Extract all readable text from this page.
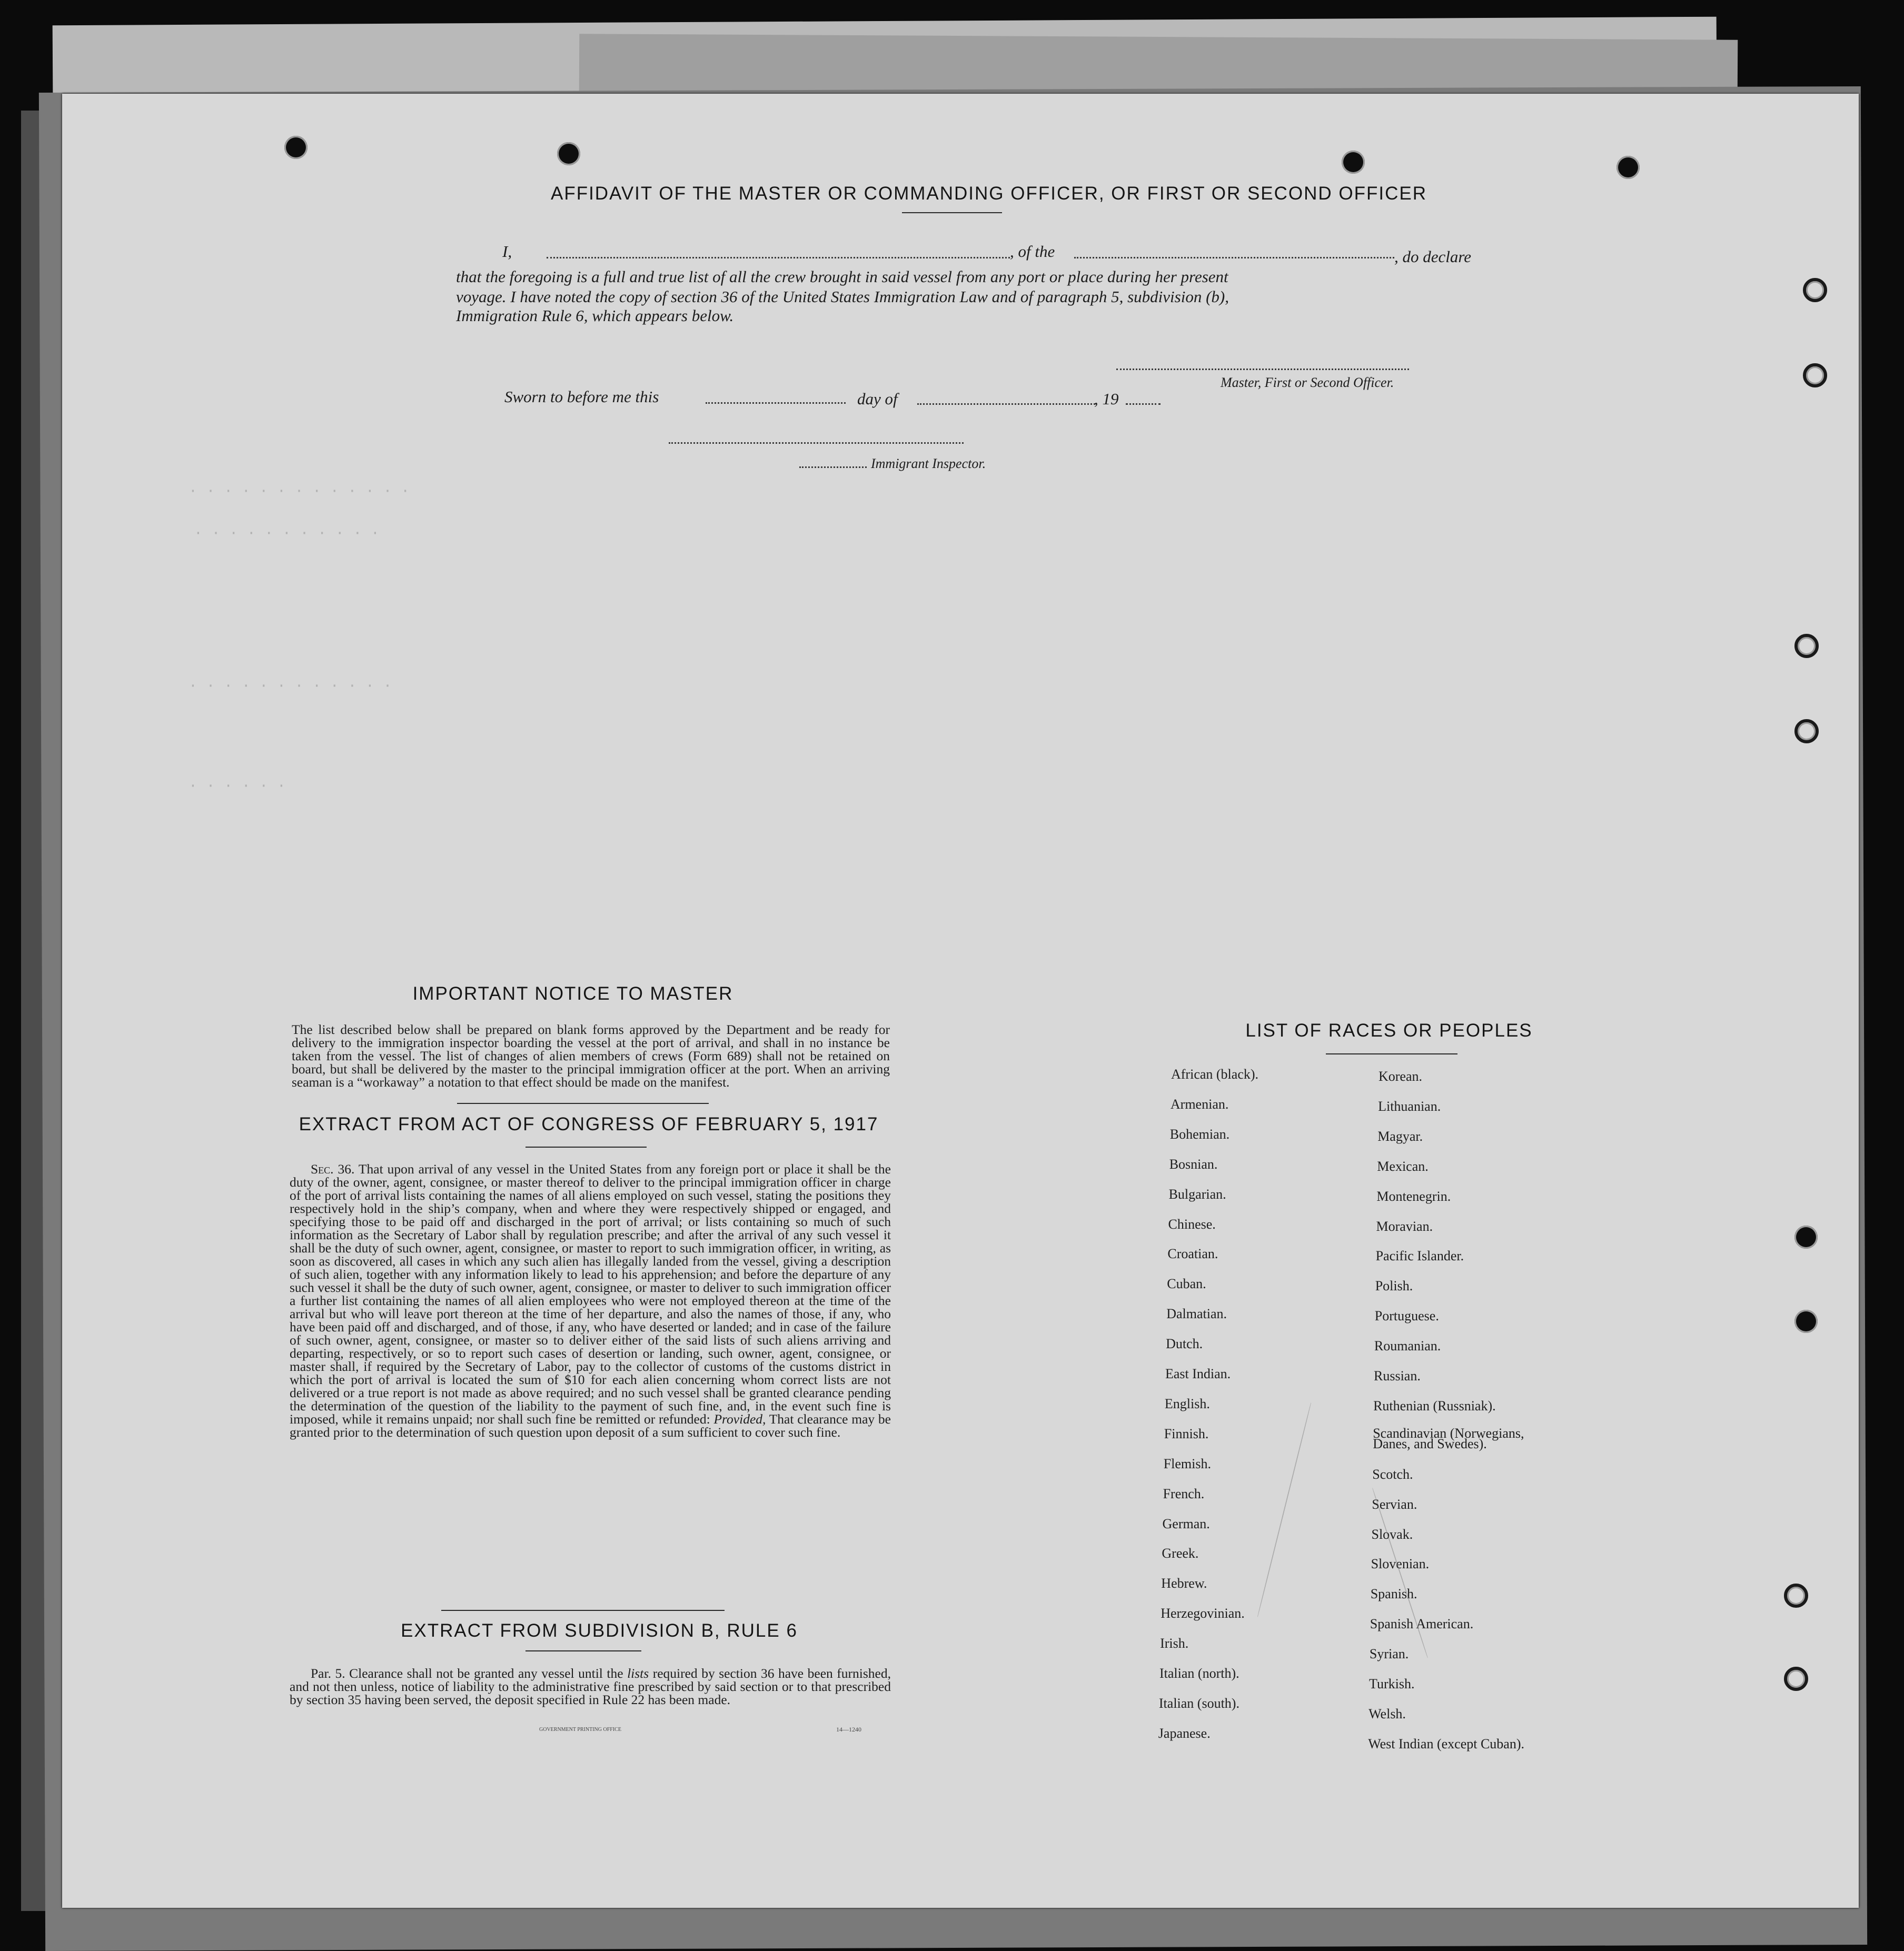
· · · · · · · · · · · · ·
· · · · · · · · · · ·
· · · · · · · · · · · ·
· · · · · ·
AFFIDAVIT OF THE MASTER OR COMMANDING OFFICER, OR FIRST OR SECOND OFFICER
I,	, of the	, do declare
that the foregoing is a full and true list of all the crew brought in said vessel from any port or place during her present
voyage. I have noted the copy of section 36 of the United States Immigration Law and of paragraph 5, subdivision (b),
Immigration Rule 6, which appears below.
Master, First or Second Officer.
Sworn to before me this	day of	, 19
Immigrant Inspector.
IMPORTANT NOTICE TO MASTER
The list described below shall be prepared on blank forms approved by the Department and be ready for delivery to the immigration inspector boarding the vessel at the port of arrival, and shall in no instance be taken from the vessel. The list of changes of alien members of crews (Form 689) shall not be retained on board, but shall be delivered by the master to the principal immigration officer at the port. When an arriving seaman is a “workaway” a notation to that effect should be made on the manifest.
EXTRACT FROM ACT OF CONGRESS OF FEBRUARY 5, 1917
Sec. 36. That upon arrival of any vessel in the United States from any foreign port or place it shall be the duty of the owner, agent, consignee, or master thereof to deliver to the principal immigration officer in charge of the port of arrival lists containing the names of all aliens employed on such vessel, stating the positions they respectively hold in the ship’s company, when and where they were respectively shipped or engaged, and specifying those to be paid off and discharged in the port of arrival; or lists containing so much of such information as the Secretary of Labor shall by regulation prescribe; and after the arrival of any such vessel it shall be the duty of such owner, agent, consignee, or master to report to such immigration officer, in writing, as soon as discovered, all cases in which any such alien has illegally landed from the vessel, giving a description of such alien, together with any information likely to lead to his apprehension; and before the departure of any such vessel it shall be the duty of such owner, agent, consignee, or master to deliver to such immigration officer a further list containing the names of all alien employees who were not employed thereon at the time of the arrival but who will leave port thereon at the time of her departure, and also the names of those, if any, who have been paid off and discharged, and of those, if any, who have deserted or landed; and in case of the failure of such owner, agent, consignee, or master so to deliver either of the said lists of such aliens arriving and departing, respectively, or so to report such cases of desertion or landing, such owner, agent, consignee, or master shall, if required by the Secretary of Labor, pay to the collector of customs of the customs district in which the port of arrival is located the sum of $10 for each alien concerning whom correct lists are not delivered or a true report is not made as above required; and no such vessel shall be granted clearance pending the determination of the question of the liability to the payment of such fine, and, in the event such fine is imposed, while it remains unpaid; nor shall such fine be remitted or refunded: Provided, That clearance may be granted prior to the determination of such question upon deposit of a sum sufficient to cover such fine.
EXTRACT FROM SUBDIVISION B, RULE 6
Par. 5. Clearance shall not be granted any vessel until the lists required by section 36 have been furnished, and not then unless, notice of liability to the administrative fine prescribed by said section or to that prescribed by section 35 having been served, the deposit specified in Rule 22 has been made.
GOVERNMENT PRINTING OFFICE	14—1240
LIST OF RACES OR PEOPLES
African (black).
Armenian.
Bohemian.
Bosnian.
Bulgarian.
Chinese.
Croatian.
Cuban.
Dalmatian.
Dutch.
East Indian.
English.
Finnish.
Flemish.
French.
German.
Greek.
Hebrew.
Herzegovinian.
Irish.
Italian (north).
Italian (south).
Japanese.
Korean.
Lithuanian.
Magyar.
Mexican.
Montenegrin.
Moravian.
Pacific Islander.
Polish.
Portuguese.
Roumanian.
Russian.
Ruthenian (Russniak).
Scandinavian (Norwegians, Danes, and Swedes).
Scotch.
Servian.
Slovak.
Slovenian.
Spanish.
Spanish American.
Syrian.
Turkish.
Welsh.
West Indian (except Cuban).
